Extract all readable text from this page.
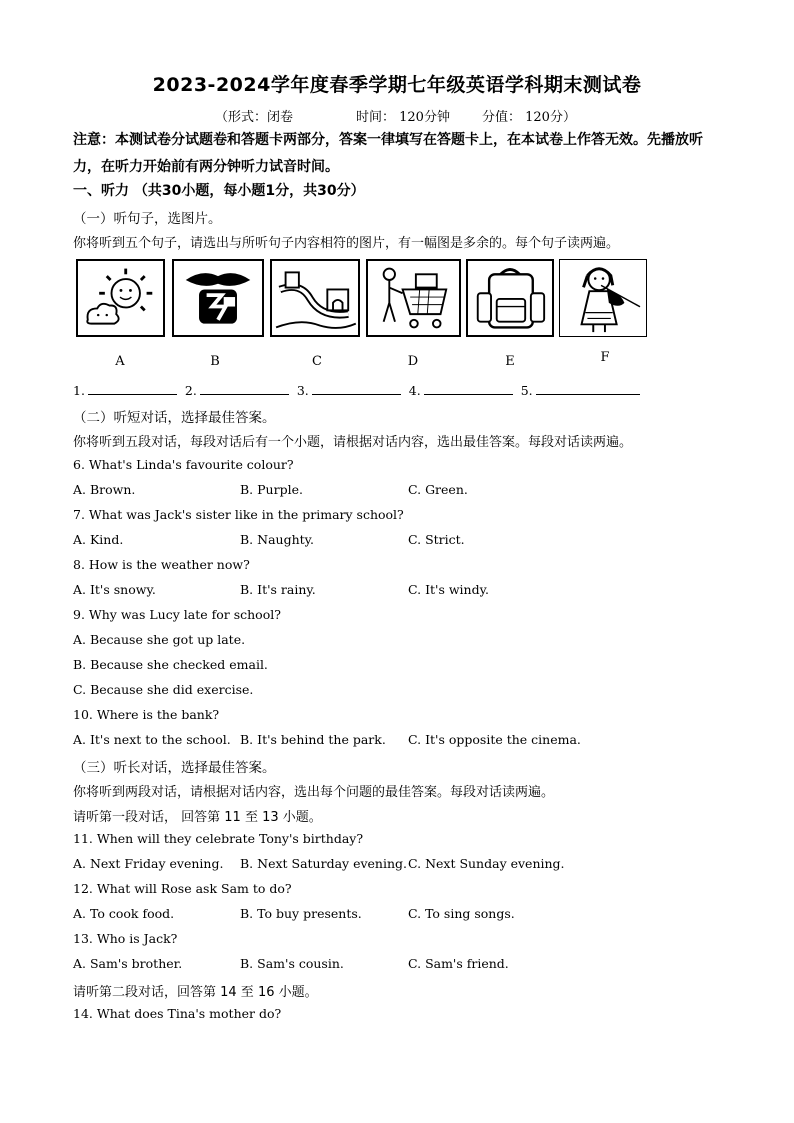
2023-2024学年度春季学期七年级英语学科期末测试卷
（形式：闭卷	时间： 120分钟 分值： 120分）
注意：本测试卷分试题卷和答题卡两部分，答案一律填写在答题卡上，在本试卷上作答无效。先播放听力，在听力开始前有两分钟听力试音时间。
一、听力 （共30小题，每小题1分，共30分）
（一）听句子，选图片。
你将听到五个句子，请选出与所听句子内容相符的图片，有一幅图是多余的。每个句子读两遍。
A	B	C	D	E	F
1.	2.	3.	4.	5.
（二）听短对话，选择最佳答案。
你将听到五段对话，每段对话后有一个小题，请根据对话内容，选出最佳答案。每段对话读两遍。
6. What's Linda's favourite colour?
A. Brown.	B. Purple.	C. Green.
7. What was Jack's sister like in the primary school?
A. Kind.	B. Naughty.	C. Strict.
8. How is the weather now?
A. It's snowy.	B. It's rainy.	C. It's windy.
9. Why was Lucy late for school?
A. Because she got up late.
B. Because she checked email.
C. Because she did exercise.
10. Where is the bank?
A. It's next to the school. B. It's behind the park. C. It's opposite the cinema.
（三）听长对话，选择最佳答案。
你将听到两段对话，请根据对话内容，选出每个问题的最佳答案。每段对话读两遍。
请听第一段对话， 回答第 11 至 13 小题。
11. When will they celebrate Tony's birthday?
A. Next Friday evening. B. Next Saturday evening. C. Next Sunday evening.
12. What will Rose ask Sam to do?
A. To cook food.	B. To buy presents.	C. To sing songs.
13. Who is Jack?
A. Sam's brother.	B. Sam's cousin.	C. Sam's friend.
请听第二段对话，回答第 14 至 16 小题。
14. What does Tina's mother do?
